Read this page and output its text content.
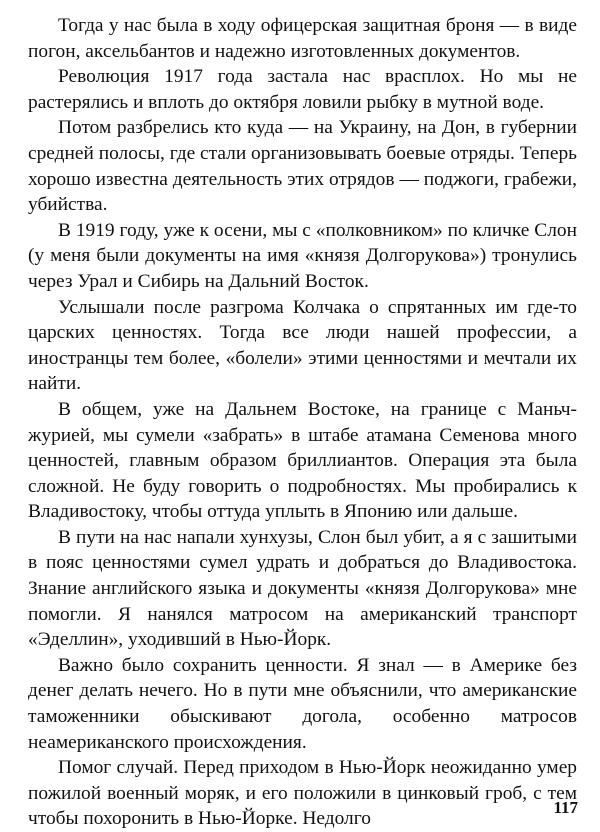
Тогда у нас была в ходу офицерская защитная броня — в виде погон, аксельбантов и надежно изготовленных документов.

Революция 1917 года застала нас врасплох. Но мы не растерялись и вплоть до октября ловили рыбку в мутной воде.

Потом разбрелись кто куда — на Украину, на Дон, в губернии средней полосы, где стали организовывать боевые отряды. Теперь хорошо известна деятельность этих отрядов — поджоги, грабежи, убийства.

В 1919 году, уже к осени, мы с «полковником» по кличке Слон (у меня были документы на имя «князя Долгорукова») тронулись через Урал и Сибирь на Дальний Восток.

Услышали после разгрома Колчака о спрятанных им где-то царских ценностях. Тогда все люди нашей профессии, а иностранцы тем более, «болели» этими ценностями и мечтали их найти.

В общем, уже на Дальнем Востоке, на границе с Маньчжурией, мы сумели «забрать» в штабе атамана Семенова много ценностей, главным образом бриллиантов. Операция эта была сложной. Не буду говорить о подробностях. Мы пробирались к Владивостоку, чтобы оттуда уплыть в Японию или дальше.

В пути на нас напали хунхузы, Слон был убит, а я с зашитыми в пояс ценностями сумел удрать и добраться до Владивостока. Знание английского языка и документы «князя Долгорукова» мне помогли. Я нанялся матросом на американский транспорт «Эделлин», уходивший в Нью-Йорк.

Важно было сохранить ценности. Я знал — в Америке без денег делать нечего. Но в пути мне объяснили, что американские таможенники обыскивают догола, особенно матросов неамериканского происхождения.

Помог случай. Перед приходом в Нью-Йорк неожиданно умер пожилой военный моряк, и его положили в цинковый гроб, с тем чтобы похоронить в Нью-Йорке. Недолго

117
